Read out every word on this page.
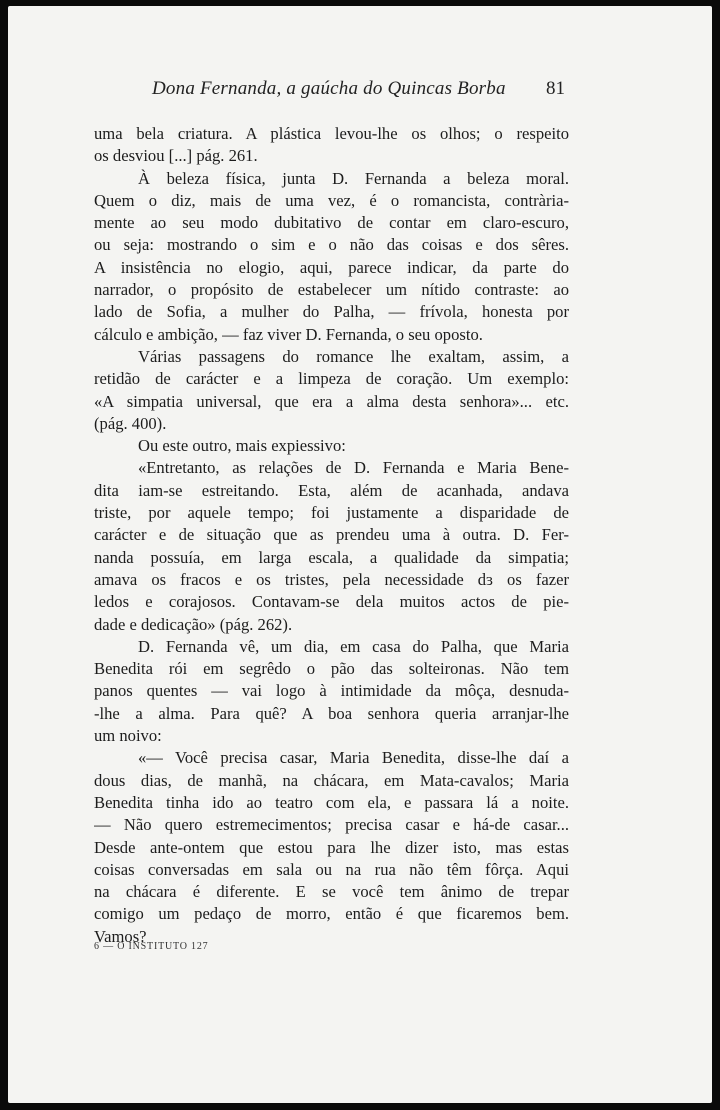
Dona Fernanda, a gaúcha do Quincas Borba 81
uma bela criatura. A plástica levou-lhe os olhos; o respeito
os desviou [...] pág. 261.
À beleza física, junta D. Fernanda a beleza moral.
Quem o diz, mais de uma vez, é o romancista, contrària-
mente ao seu modo dubitativo de contar em claro-escuro,
ou seja: mostrando o sim e o não das coisas e dos sêres.
A insistência no elogio, aqui, parece indicar, da parte do
narrador, o propósito de estabelecer um nítido contraste: ao
lado de Sofia, a mulher do Palha, — frívola, honesta por
cálculo e ambição, — faz viver D. Fernanda, o seu oposto.
Várias passagens do romance lhe exaltam, assim, a
retidão de carácter e a limpeza de coração. Um exemplo:
«A simpatia universal, que era a alma desta senhora»... etc.
(pág. 400).
Ou este outro, mais expiessivo:
«Entretanto, as relações de D. Fernanda e Maria Bene-
dita iam-se estreitando. Esta, além de acanhada, andava
triste, por aquele tempo; foi justamente a disparidade de
carácter e de situação que as prendeu uma à outra. D. Fer-
nanda possuía, em larga escala, a qualidade da simpatia;
amava os fracos e os tristes, pela necessidade dɜ os fazer
ledos e corajosos. Contavam-se dela muitos actos de pie-
dade e dedicação» (pág. 262).
D. Fernanda vê, um dia, em casa do Palha, que Maria
Benedita rói em segrêdo o pão das solteironas. Não tem
panos quentes — vai logo à intimidade da môça, desnuda-
-lhe a alma. Para quê? A boa senhora queria arranjar-lhe
um noivo:
«— Você precisa casar, Maria Benedita, disse-lhe daí a
dous dias, de manhã, na chácara, em Mata-cavalos; Maria
Benedita tinha ido ao teatro com ela, e passara lá a noite.
— Não quero estremecimentos; precisa casar e há-de casar...
Desde ante-ontem que estou para lhe dizer isto, mas estas
coisas conversadas em sala ou na rua não têm fôrça. Aqui
na chácara é diferente. E se você tem ânimo de trepar
comigo um pedaço de morro, então é que ficaremos bem.
Vamos?
6 — O INSTITUTO 127
